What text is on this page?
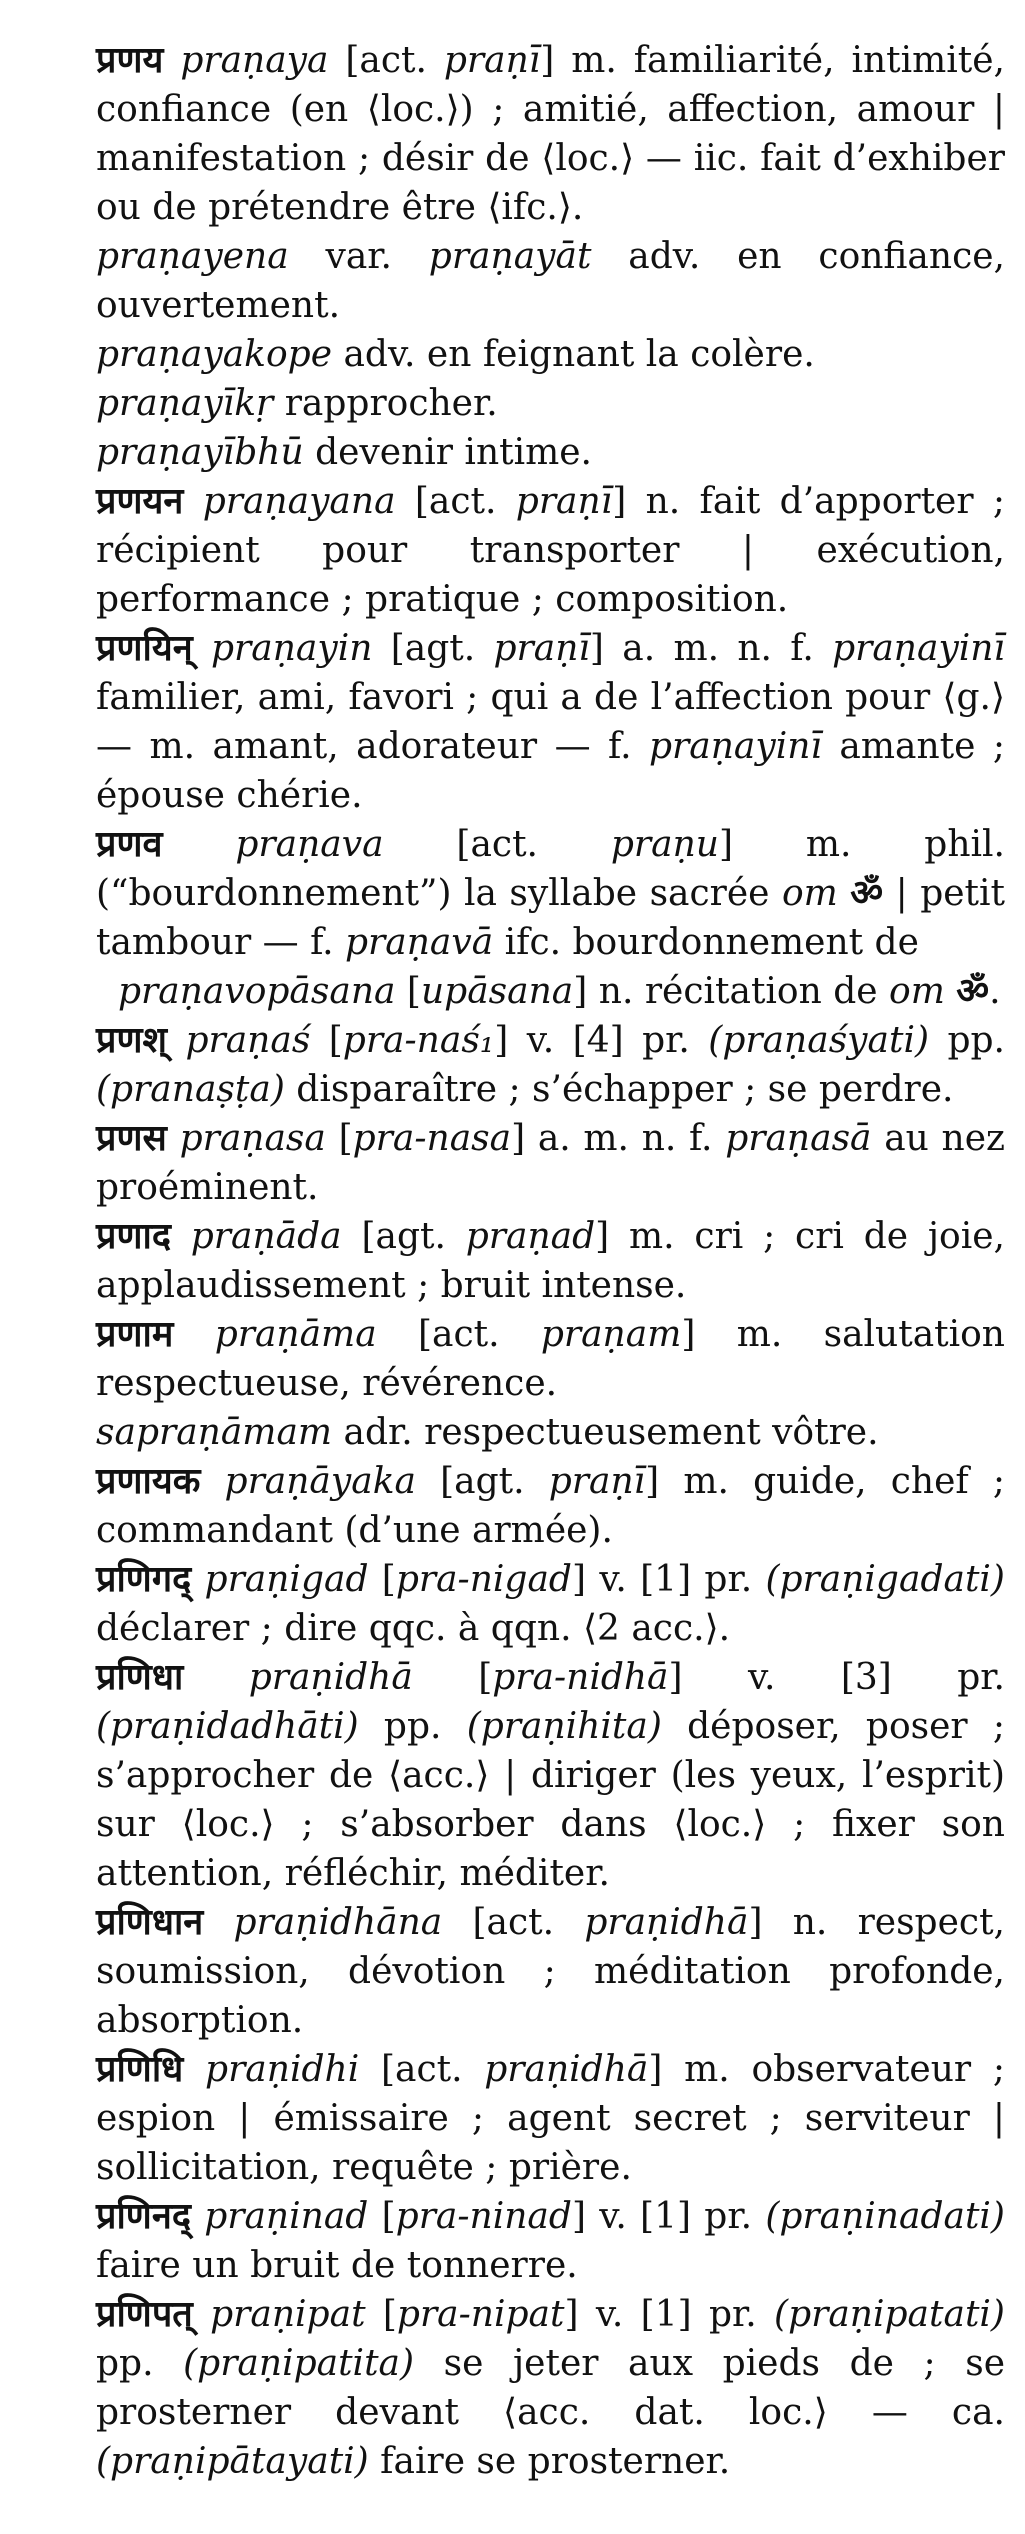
प्रणय praṇaya [act. praṇī] m. familiarité, intimité, confiance (en ⟨loc.⟩) ; amitié, affection, amour | manifestation ; désir de ⟨loc.⟩ — iic. fait d’exhiber ou de prétendre être ⟨ifc.⟩.

praṇayena var. praṇayāt adv. en confiance, ouvertement.

praṇayakope adv. en feignant la colère.

praṇayīkṛ rapprocher.

praṇayībhū devenir intime.

प्रणयन praṇayana [act. praṇī] n. fait d’apporter ; récipient pour transporter | exécution, performance ; pratique ; composition.

प्रणयिन् praṇayin [agt. praṇī] a. m. n. f. praṇayinī familier, ami, favori ; qui a de l’affection pour ⟨g.⟩ — m. amant, adorateur — f. praṇayinī amante ; épouse chérie.

प्रणव praṇava [act. praṇu] m. phil. (“bourdonnement”) la syllabe sacrée om ॐ | petit tambour — f. praṇavā ifc. bourdonnement de

praṇavopāsana [upāsana] n. récitation de om ॐ.

प्रणश् praṇaś [pra-naś₁] v. [4] pr. (praṇaśyati) pp. (pranaṣṭa) disparaître ; s’échapper ; se perdre.

प्रणस praṇasa [pra-nasa] a. m. n. f. praṇasā au nez proéminent.

प्रणाद praṇāda [agt. praṇad] m. cri ; cri de joie, applaudissement ; bruit intense.

प्रणाम praṇāma [act. praṇam] m. salutation respectueuse, révérence.

sapraṇāmam adr. respectueusement vôtre.

प्रणायक praṇāyaka [agt. praṇī] m. guide, chef ; commandant (d’une armée).

प्रणिगद् praṇigad [pra-nigad] v. [1] pr. (praṇigadati) déclarer ; dire qqc. à qqn. ⟨2 acc.⟩.

प्रणिधा praṇidhā [pra-nidhā] v. [3] pr. (praṇidadhāti) pp. (praṇihita) déposer, poser ; s’approcher de ⟨acc.⟩ | diriger (les yeux, l’esprit) sur ⟨loc.⟩ ; s’absorber dans ⟨loc.⟩ ; fixer son attention, réfléchir, méditer.

प्रणिधान praṇidhāna [act. praṇidhā] n. respect, soumission, dévotion ; méditation profonde, absorption.

प्रणिधि praṇidhi [act. praṇidhā] m. observateur ; espion | émissaire ; agent secret ; serviteur | sollicitation, requête ; prière.

प्रणिनद् praṇinad [pra-ninad] v. [1] pr. (praṇinadati) faire un bruit de tonnerre.

प्रणिपत् praṇipat [pra-nipat] v. [1] pr. (praṇipatati) pp. (praṇipatita) se jeter aux pieds de ; se prosterner devant ⟨acc. dat. loc.⟩ — ca. (praṇipātayati) faire se prosterner.
